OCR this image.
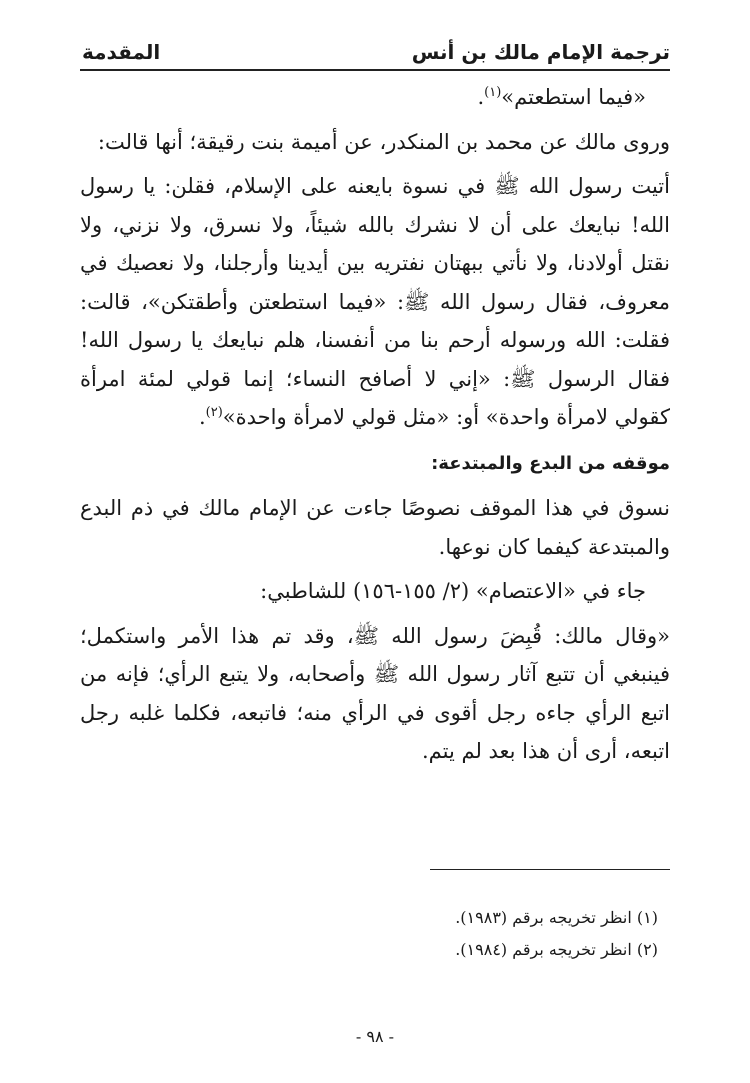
ترجمة الإمام مالك بن أنس
المقدمة

«فيما استطعتم»$^{(١)}$.

وروى مالك عن محمد بن المنكدر، عن أميمة بنت رقيقة؛ أنها قالت:

أتيت رسول الله ﷺ في نسوة بايعنه على الإسلام، فقلن: يا رسول الله! نبايعك على أن لا نشرك بالله شيئاً، ولا نسرق، ولا نزني، ولا نقتل أولادنا، ولا نأتي ببهتان نفتريه بين أيدينا وأرجلنا، ولا نعصيك في معروف، فقال رسول الله ﷺ: «فيما استطعتن وأطقتكن»، قالت: فقلت: الله ورسوله أرحم بنا من أنفسنا، هلم نبايعك يا رسول الله! فقال الرسول ﷺ: «إني لا أصافح النساء؛ إنما قولي لمئة امرأة كقولي لامرأة واحدة» أو: «مثل قولي لامرأة واحدة»$^{(٢)}$.

موقفه من البدع والمبتدعة:

نسوق في هذا الموقف نصوصًا جاءت عن الإمام مالك في ذم البدع والمبتدعة كيفما كان نوعها.

جاء في «الاعتصام» (٢/ ١٥٥-١٥٦) للشاطبي:

«وقال مالك: قُبِضَ رسول الله ﷺ، وقد تم هذا الأمر واستكمل؛ فينبغي أن تتبع آثار رسول الله ﷺ وأصحابه، ولا يتبع الرأي؛ فإنه من اتبع الرأي جاءه رجل أقوى في الرأي منه؛ فاتبعه، فكلما غلبه رجل اتبعه، أرى أن هذا بعد لم يتم.

(١) انظر تخريجه برقم (١٩٨٣).
(٢) انظر تخريجه برقم (١٩٨٤).
- ٩٨ -
